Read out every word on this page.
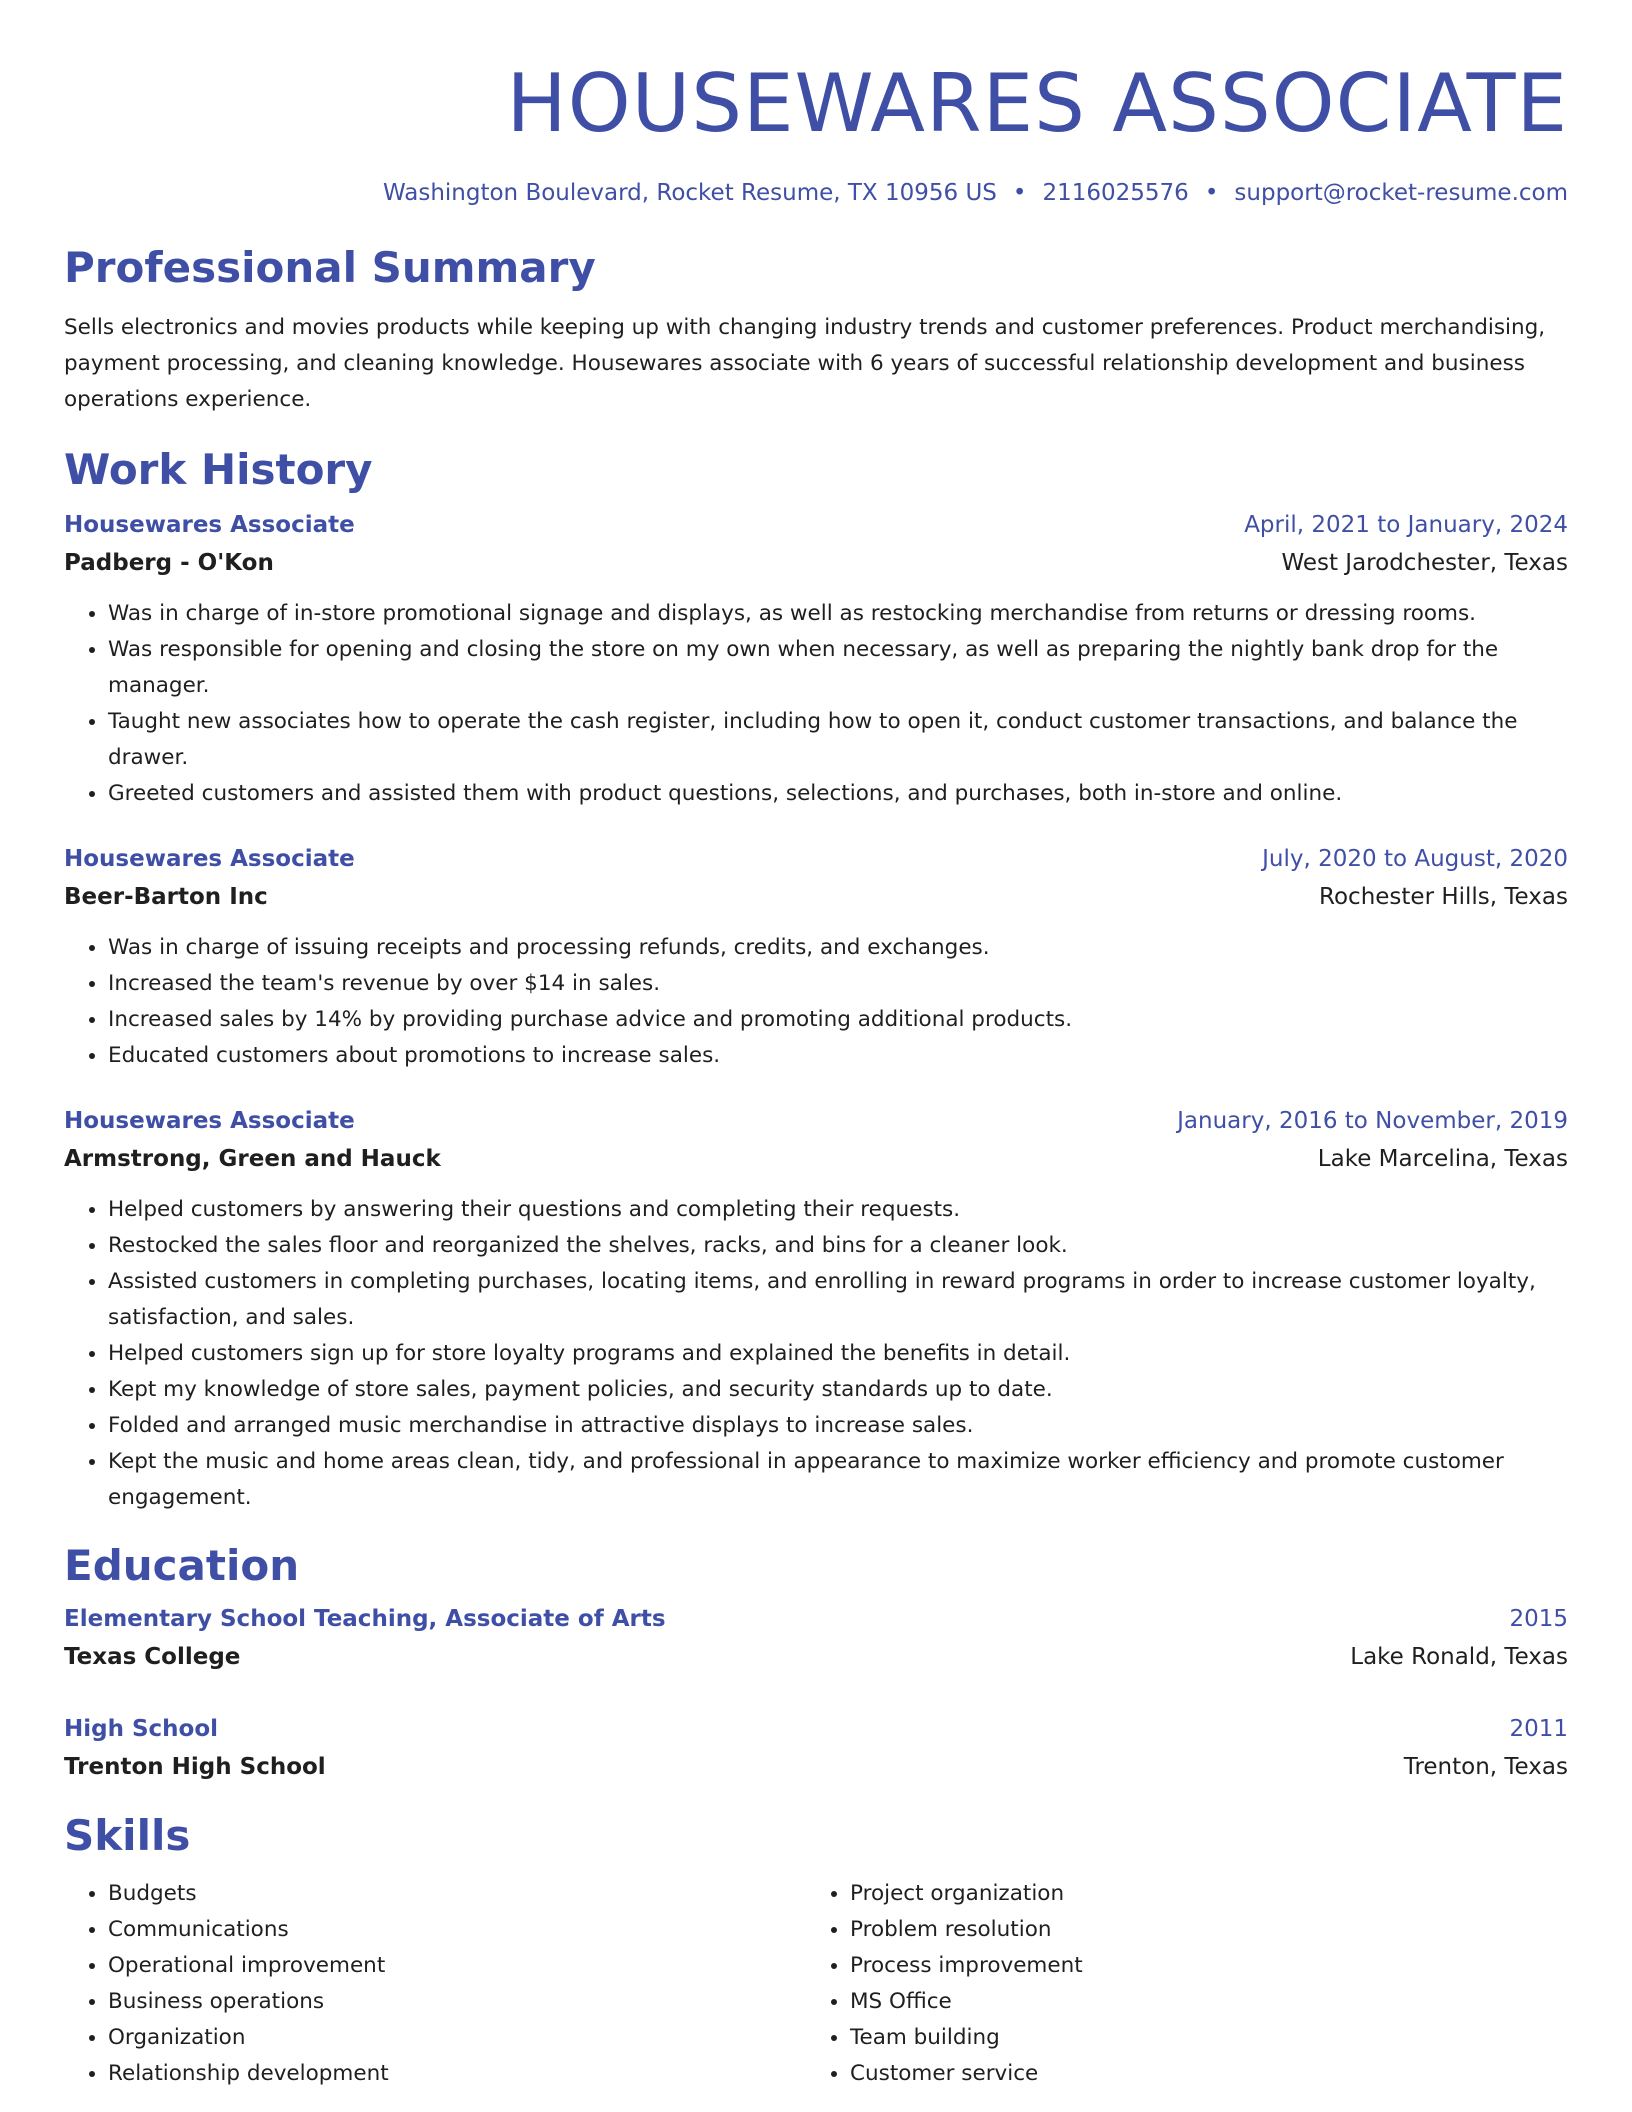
HOUSEWARES ASSOCIATE
Washington Boulevard, Rocket Resume, TX 10956 US • 2116025576 • support@rocket-resume.com
Professional Summary
Sells electronics and movies products while keeping up with changing industry trends and customer preferences. Product merchandising, payment processing, and cleaning knowledge. Housewares associate with 6 years of successful relationship development and business operations experience.
Work History
Housewares Associate	April, 2021 to January, 2024
Padberg - O'Kon	West Jarodchester, Texas
• Was in charge of in-store promotional signage and displays, as well as restocking merchandise from returns or dressing rooms.
• Was responsible for opening and closing the store on my own when necessary, as well as preparing the nightly bank drop for the manager.
• Taught new associates how to operate the cash register, including how to open it, conduct customer transactions, and balance the drawer.
• Greeted customers and assisted them with product questions, selections, and purchases, both in-store and online.
Housewares Associate	July, 2020 to August, 2020
Beer-Barton Inc	Rochester Hills, Texas
• Was in charge of issuing receipts and processing refunds, credits, and exchanges.
• Increased the team's revenue by over $14 in sales.
• Increased sales by 14% by providing purchase advice and promoting additional products.
• Educated customers about promotions to increase sales.
Housewares Associate	January, 2016 to November, 2019
Armstrong, Green and Hauck	Lake Marcelina, Texas
• Helped customers by answering their questions and completing their requests.
• Restocked the sales floor and reorganized the shelves, racks, and bins for a cleaner look.
• Assisted customers in completing purchases, locating items, and enrolling in reward programs in order to increase customer loyalty, satisfaction, and sales.
• Helped customers sign up for store loyalty programs and explained the benefits in detail.
• Kept my knowledge of store sales, payment policies, and security standards up to date.
• Folded and arranged music merchandise in attractive displays to increase sales.
• Kept the music and home areas clean, tidy, and professional in appearance to maximize worker efficiency and promote customer engagement.
Education
Elementary School Teaching, Associate of Arts	2015
Texas College	Lake Ronald, Texas
High School	2011
Trenton High School	Trenton, Texas
Skills
• Budgets
• Communications
• Operational improvement
• Business operations
• Organization
• Relationship development
• Project organization
• Problem resolution
• Process improvement
• MS Office
• Team building
• Customer service
